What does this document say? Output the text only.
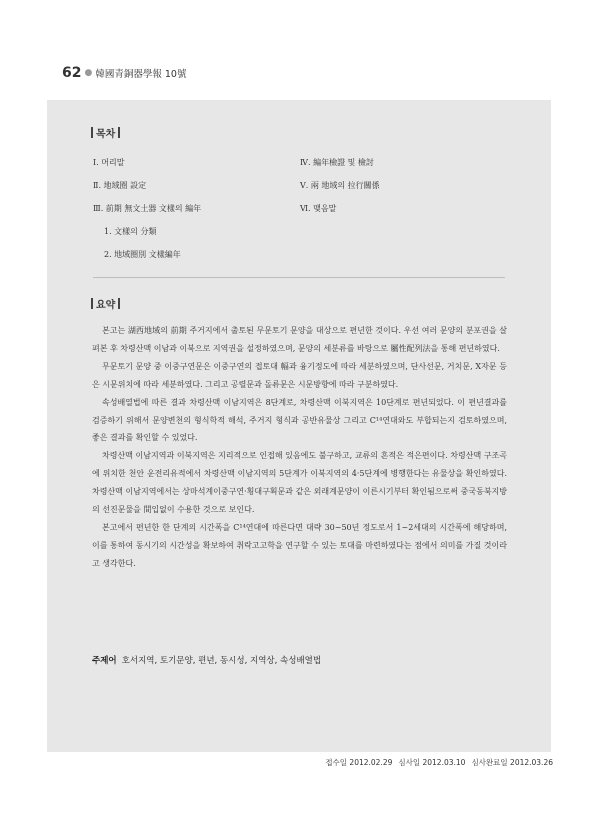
62 ● 韓國青銅器學報 10號
목차
Ⅰ. 머리말
Ⅱ. 地域圈 設定
Ⅲ. 前期 無文土器 文樣의 編年
1. 文樣의 分類
2. 地域圈別 文樣編年
Ⅳ. 編年檢證 및 檢討
Ⅴ. 兩 地域의 拉行關係
Ⅵ. 맺음말
요약

본고는 湖西地域의 前期 주거지에서 출토된 무문토기 문양을 대상으로 편년한 것이다. 우선 여러 문양의 분포권을 살펴본 후 차령산맥 이남과 이북으로 지역권을 설정하였으며, 문양의 세분류를 바탕으로 屬性配列法을 통해 편년하였다.

무문토기 문양 중 이중구연문은 이중구연의 접토대 幅과 융기정도에 따라 세분하였으며, 단사선문, 거치문, X자문 등은 시문위치에 따라 세분하였다. 그리고 공렬문과 돌류문은 시문방향에 따라 구분하였다.

속성배열법에 따른 결과 차령산맥 이남지역은 8단계로, 차령산맥 이북지역은 10단계로 편년되었다. 이 편년결과를 검증하기 위해서 문양변천의 형식학적 해석, 주거지 형식과 공반유물상 그리고 C¹⁴연대와도 부합되는지 검토하였으며, 좋은 결과를 확인할 수 있었다.

차령산맥 이남지역과 이북지역은 지리적으로 인접해 있음에도 불구하고, 교류의 흔적은 적은편이다. 차령산맥 구조곡에 위치한 천안 운전리유적에서 차령산맥 이남지역의 5단계가 이북지역의 4·5단계에 병행한다는 유물상을 확인하였다. 차령산맥 이남지역에서는 상마석계이중구연·횡대구획문과 같은 외래계문양이 이른시기부터 확인됨으로써 중국동북지방의 선진문물을 間입없이 수용한 것으로 보인다.

본고에서 편년한 한 단계의 시간폭을 C¹⁴연대에 따른다면 대략 30~50년 정도로서 1~2세대의 시간폭에 해당하며, 이를 통하여 동시기의 시간성을 확보하여 취락고고학을 연구할 수 있는 토대를 마련하였다는 점에서 의미를 가질 것이라고 생각한다.

주제어 호서지역, 토기문양, 편년, 동시성, 지역상, 속성배열법
접수일 2012.02.29 심사일 2012.03.10 심사완료일 2012.03.26
